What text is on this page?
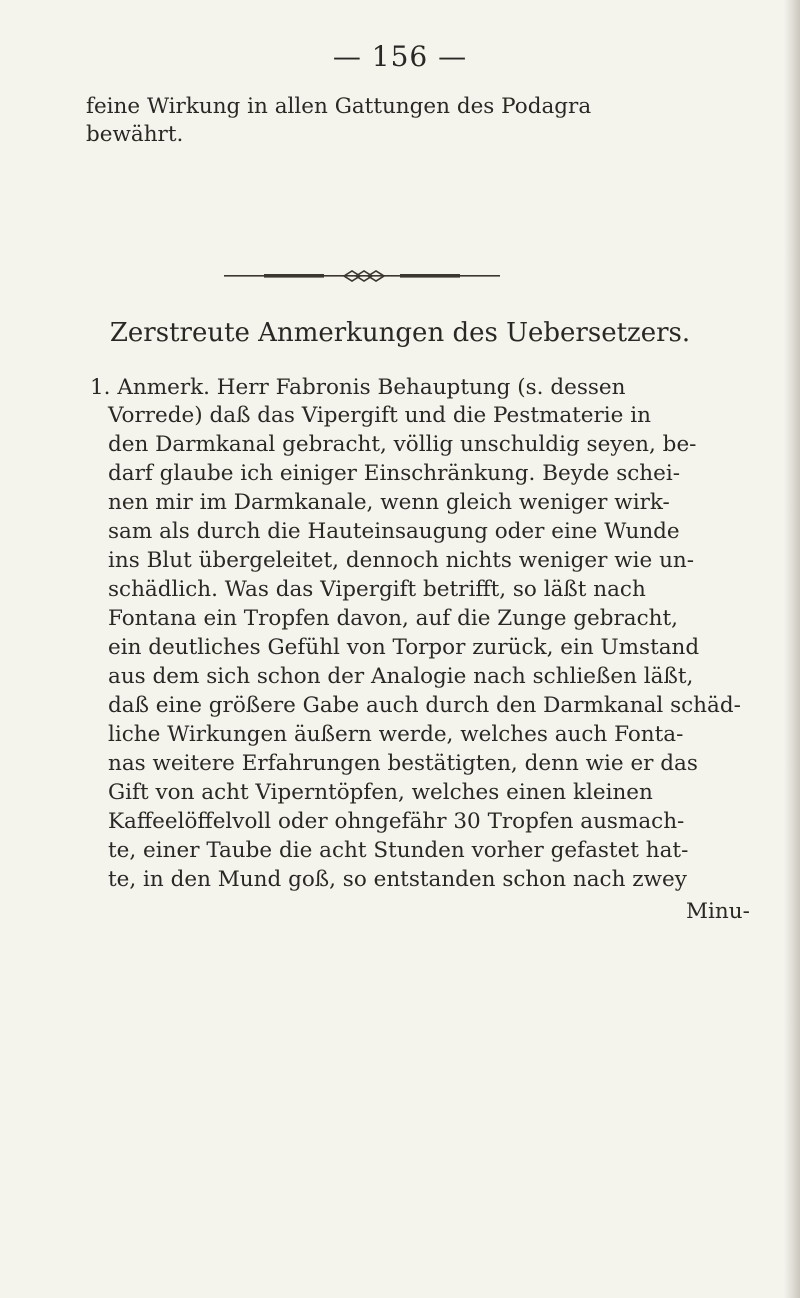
— 156 —
feine Wirkung in allen Gattungen des Podagra
bewährt.
Zerstreute Anmerkungen des Uebersetzers.
1. Anmerk. Herr Fabronis Behauptung (s. dessen
Vorrede) daß das Vipergift und die Pestmaterie in
den Darmkanal gebracht, völlig unschuldig seyen, be-
darf glaube ich einiger Einschränkung. Beyde schei-
nen mir im Darmkanale, wenn gleich weniger wirk-
sam als durch die Hauteinsaugung oder eine Wunde
ins Blut übergeleitet, dennoch nichts weniger wie un-
schädlich. Was das Vipergift betrifft, so läßt nach
Fontana ein Tropfen davon, auf die Zunge gebracht,
ein deutliches Gefühl von Torpor zurück, ein Umstand
aus dem sich schon der Analogie nach schließen läßt,
daß eine größere Gabe auch durch den Darmkanal schäd-
liche Wirkungen äußern werde, welches auch Fonta-
nas weitere Erfahrungen bestätigten, denn wie er das
Gift von acht Viperntöpfen, welches einen kleinen
Kaffeelöffelvoll oder ohngefähr 30 Tropfen ausmach-
te, einer Taube die acht Stunden vorher gefastet hat-
te, in den Mund goß, so entstanden schon nach zwey
Minu-
